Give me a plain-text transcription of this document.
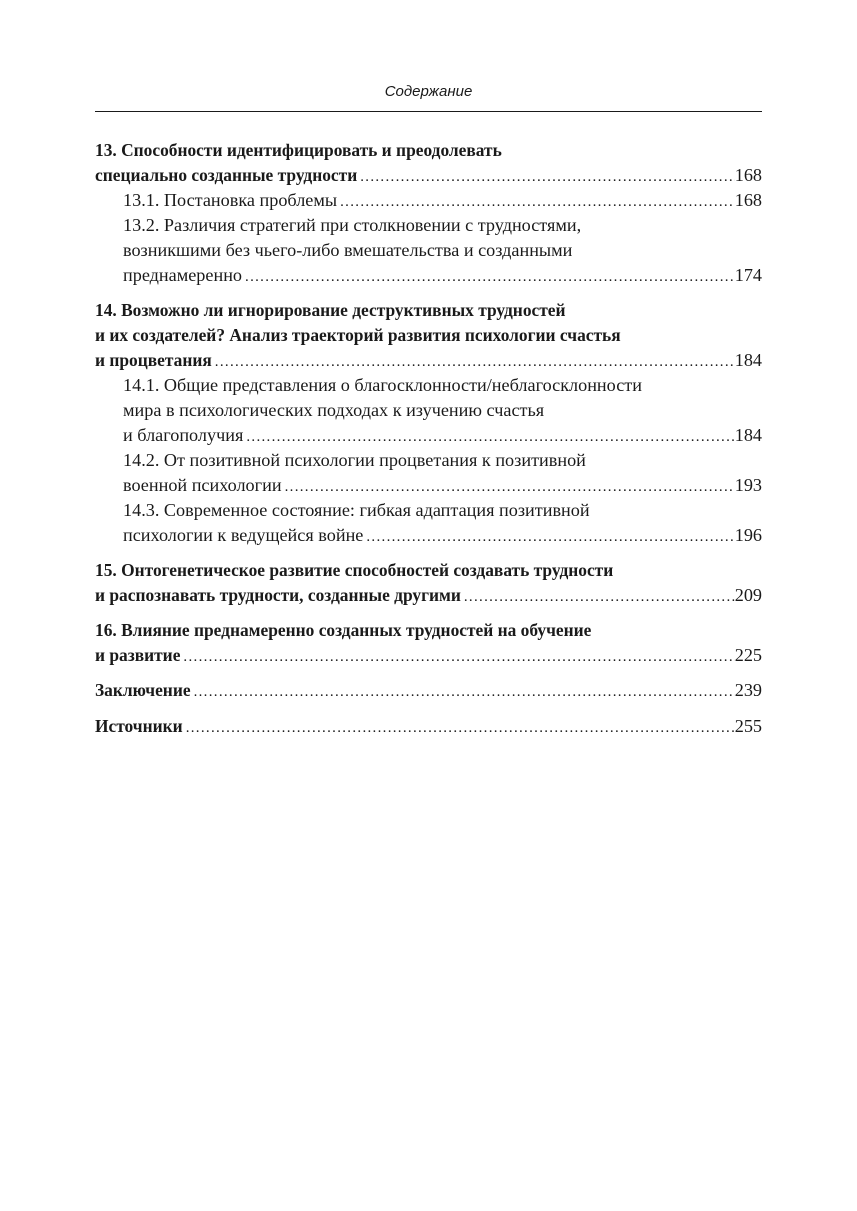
Содержание
13. Способности идентифицировать и преодолевать
специально созданные трудности .....	168
13.1. Постановка проблемы .....	168
13.2. Различия стратегий при столкновении с трудностями,
возникшими без чьего-либо вмешательства и созданными
преднамеренно .....	174
14. Возможно ли игнорирование деструктивных трудностей
и их создателей? Анализ траекторий развития психологии счастья
и процветания .....	184
14.1. Общие представления о благосклонности/неблагосклонности
мира в психологических подходах к изучению счастья
и благополучия .....	184
14.2. От позитивной психологии процветания к позитивной
военной психологии .....	193
14.3. Современное состояние: гибкая адаптация позитивной
психологии к ведущейся войне .....	196
15. Онтогенетическое развитие способностей создавать трудности
и распознавать трудности, созданные другими .....	209
16. Влияние преднамеренно созданных трудностей на обучение
и развитие .....	225
Заключение .....	239
Источники .....	255
